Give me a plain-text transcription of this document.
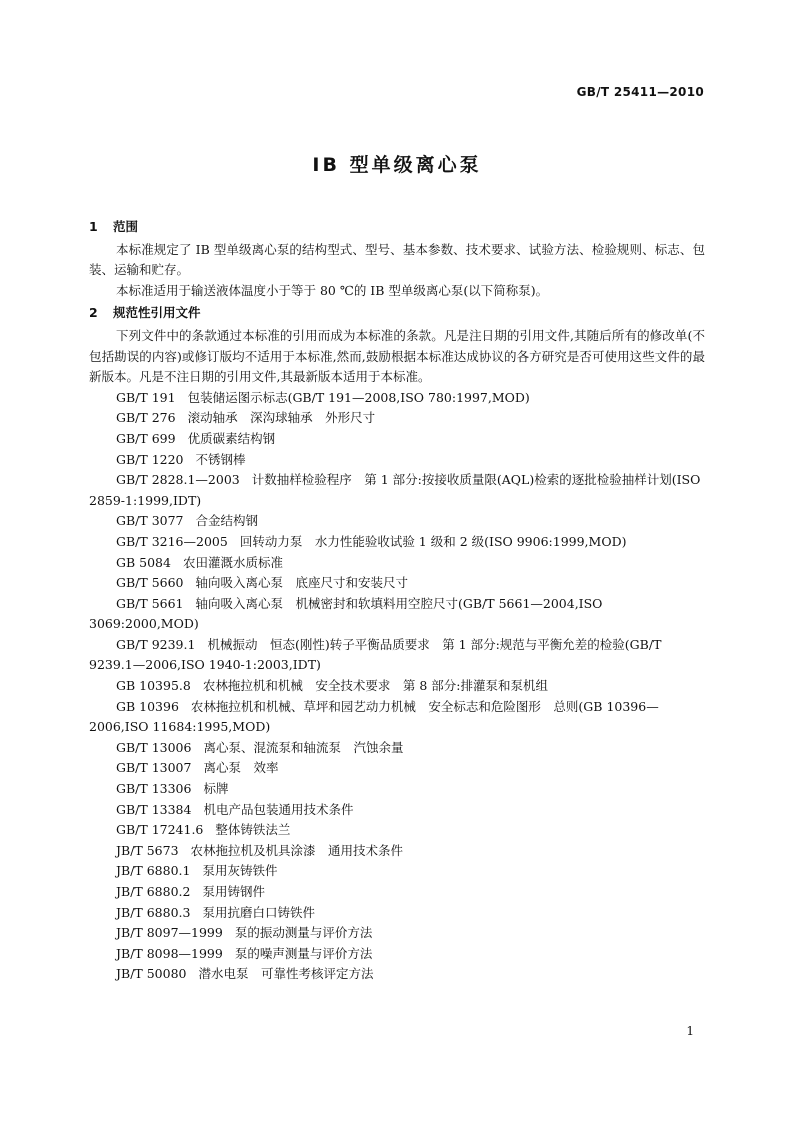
GB/T 25411—2010
IB 型单级离心泵
1 范围

本标准规定了 IB 型单级离心泵的结构型式、型号、基本参数、技术要求、试验方法、检验规则、标志、包装、运输和贮存。

本标准适用于输送液体温度小于等于 80 ℃的 IB 型单级离心泵(以下简称泵)。

2 规范性引用文件

下列文件中的条款通过本标准的引用而成为本标准的条款。凡是注日期的引用文件,其随后所有的修改单(不包括勘误的内容)或修订版均不适用于本标准,然而,鼓励根据本标准达成协议的各方研究是否可使用这些文件的最新版本。凡是不注日期的引用文件,其最新版本适用于本标准。

GB/T 191 包装储运图示标志(GB/T 191—2008,ISO 780:1997,MOD)

GB/T 276 滚动轴承　深沟球轴承　外形尺寸

GB/T 699 优质碳素结构钢

GB/T 1220 不锈钢棒

GB/T 2828.1—2003 计数抽样检验程序　第 1 部分:按接收质量限(AQL)检索的逐批检验抽样计划(ISO 2859-1:1999,IDT)

GB/T 3077 合金结构钢

GB/T 3216—2005 回转动力泵　水力性能验收试验 1 级和 2 级(ISO 9906:1999,MOD)

GB 5084 农田灌溉水质标准

GB/T 5660 轴向吸入离心泵　底座尺寸和安装尺寸

GB/T 5661 轴向吸入离心泵　机械密封和软填料用空腔尺寸(GB/T 5661—2004,ISO 3069:2000,MOD)

GB/T 9239.1 机械振动　恒态(刚性)转子平衡品质要求　第 1 部分:规范与平衡允差的检验(GB/T 9239.1—2006,ISO 1940-1:2003,IDT)

GB 10395.8 农林拖拉机和机械　安全技术要求　第 8 部分:排灌泵和泵机组

GB 10396 农林拖拉机和机械、草坪和园艺动力机械　安全标志和危险图形　总则(GB 10396—2006,ISO 11684:1995,MOD)

GB/T 13006 离心泵、混流泵和轴流泵　汽蚀余量

GB/T 13007 离心泵　效率

GB/T 13306 标牌

GB/T 13384 机电产品包装通用技术条件

GB/T 17241.6 整体铸铁法兰

JB/T 5673 农林拖拉机及机具涂漆　通用技术条件

JB/T 6880.1 泵用灰铸铁件

JB/T 6880.2 泵用铸钢件

JB/T 6880.3 泵用抗磨白口铸铁件

JB/T 8097—1999 泵的振动测量与评价方法

JB/T 8098—1999 泵的噪声测量与评价方法

JB/T 50080 潜水电泵　可靠性考核评定方法

1
